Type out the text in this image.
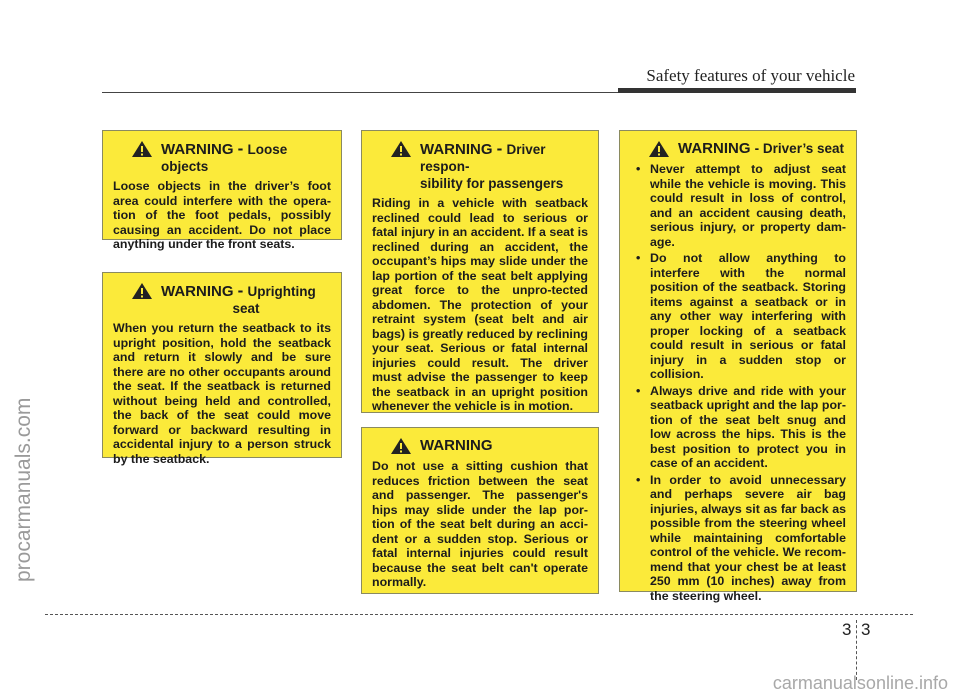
Safety features of your vehicle
WARNING - Loose objects
Loose objects in the driver’s foot area could interfere with the opera-tion of the foot pedals, possibly causing an accident. Do not place anything under the front seats.
WARNING - Uprighting
seat
When you return the seatback to its upright position, hold the seatback and return it slowly and be sure there are no other occupants around the seat. If the seatback is returned without being held and controlled, the back of the seat could move forward or backward resulting in accidental injury to a person struck by the seatback.
WARNING - Driver respon-
sibility for passengers
Riding in a vehicle with seatback reclined could lead to serious or fatal injury in an accident. If a seat is reclined during an accident, the occupant’s hips may slide under the lap portion of the seat belt applying great force to the unpro-tected abdomen. The protection of your retraint system (seat belt and air bags) is greatly reduced by reclining your seat. Serious or fatal internal injuries could result. The driver must advise the passenger to keep the seatback in an upright position whenever the vehicle is in motion.
WARNING
Do not use a sitting cushion that reduces friction between the seat and passenger. The passenger's hips may slide under the lap por-tion of the seat belt during an acci-dent or a sudden stop. Serious or fatal internal injuries could result because the seat belt can't operate normally.
WARNING - Driver’s seat
• Never attempt to adjust seat while the vehicle is moving. This could result in loss of control, and an accident causing death, serious injury, or property dam-age.
• Do not allow anything to interfere with the normal position of the seatback. Storing items against a seatback or in any other way interfering with proper locking of a seatback could result in serious or fatal injury in a sudden stop or collision.
• Always drive and ride with your seatback upright and the lap por-tion of the seat belt snug and low across the hips. This is the best position to protect you in case of an accident.
• In order to avoid unnecessary and perhaps severe air bag injuries, always sit as far back as possible from the steering wheel while maintaining comfortable control of the vehicle. We recom-mend that your chest be at least 250 mm (10 inches) away from the steering wheel.
3 3
procarmanuals.com
carmanualsonline.info
